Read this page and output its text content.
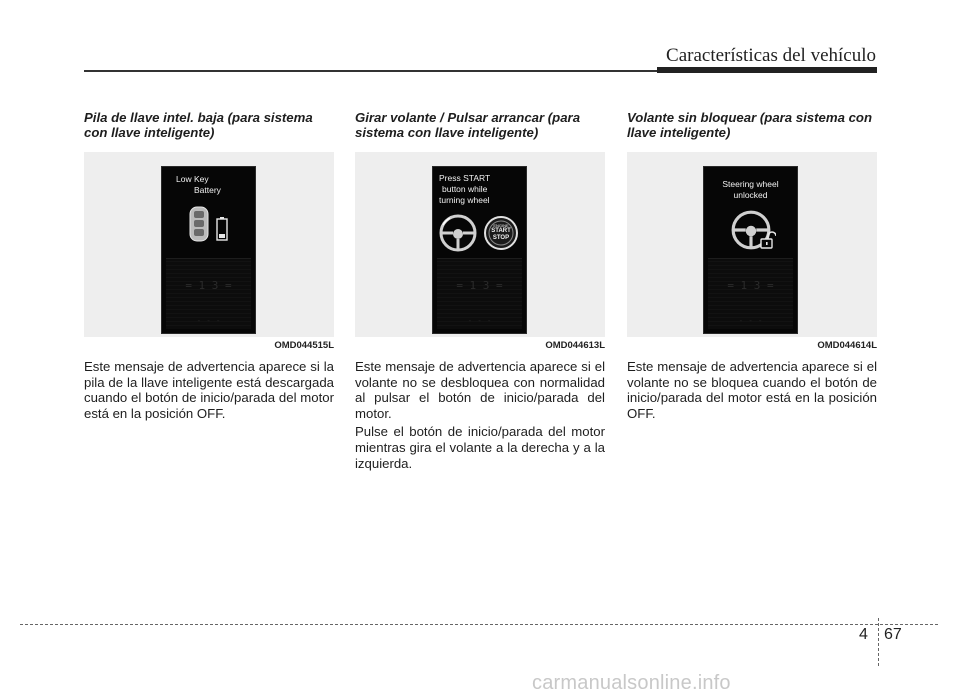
Características del vehículo

Pila de llave intel. baja (para sistema con llave inteligente)

Low Key
Battery
= 1 3 =
- - -
OMD044515L

Este mensaje de advertencia aparece si la pila de la llave inteligente está descargada cuando el botón de inicio/parada del motor está en la posición OFF.

Girar volante / Pulsar arrancar (para sistema con llave inteligente)

Press START
button while
turning wheel
ENGINE
START
STOP
= 1 3 =
- - -
OMD044613L

Este mensaje de advertencia aparece si el volante no se desbloquea con normalidad al pulsar el botón de inicio/parada del motor.

Pulse el botón de inicio/parada del motor mientras gira el volante a la derecha y a la izquierda.

Volante sin bloquear (para sistema con llave inteligente)

Steering wheel
unlocked
= 1 3 =
- - -
OMD044614L

Este mensaje de advertencia aparece si el volante no se bloquea cuando el botón de inicio/parada del motor está en la posición OFF.

4 67
carmanualsonline.info
